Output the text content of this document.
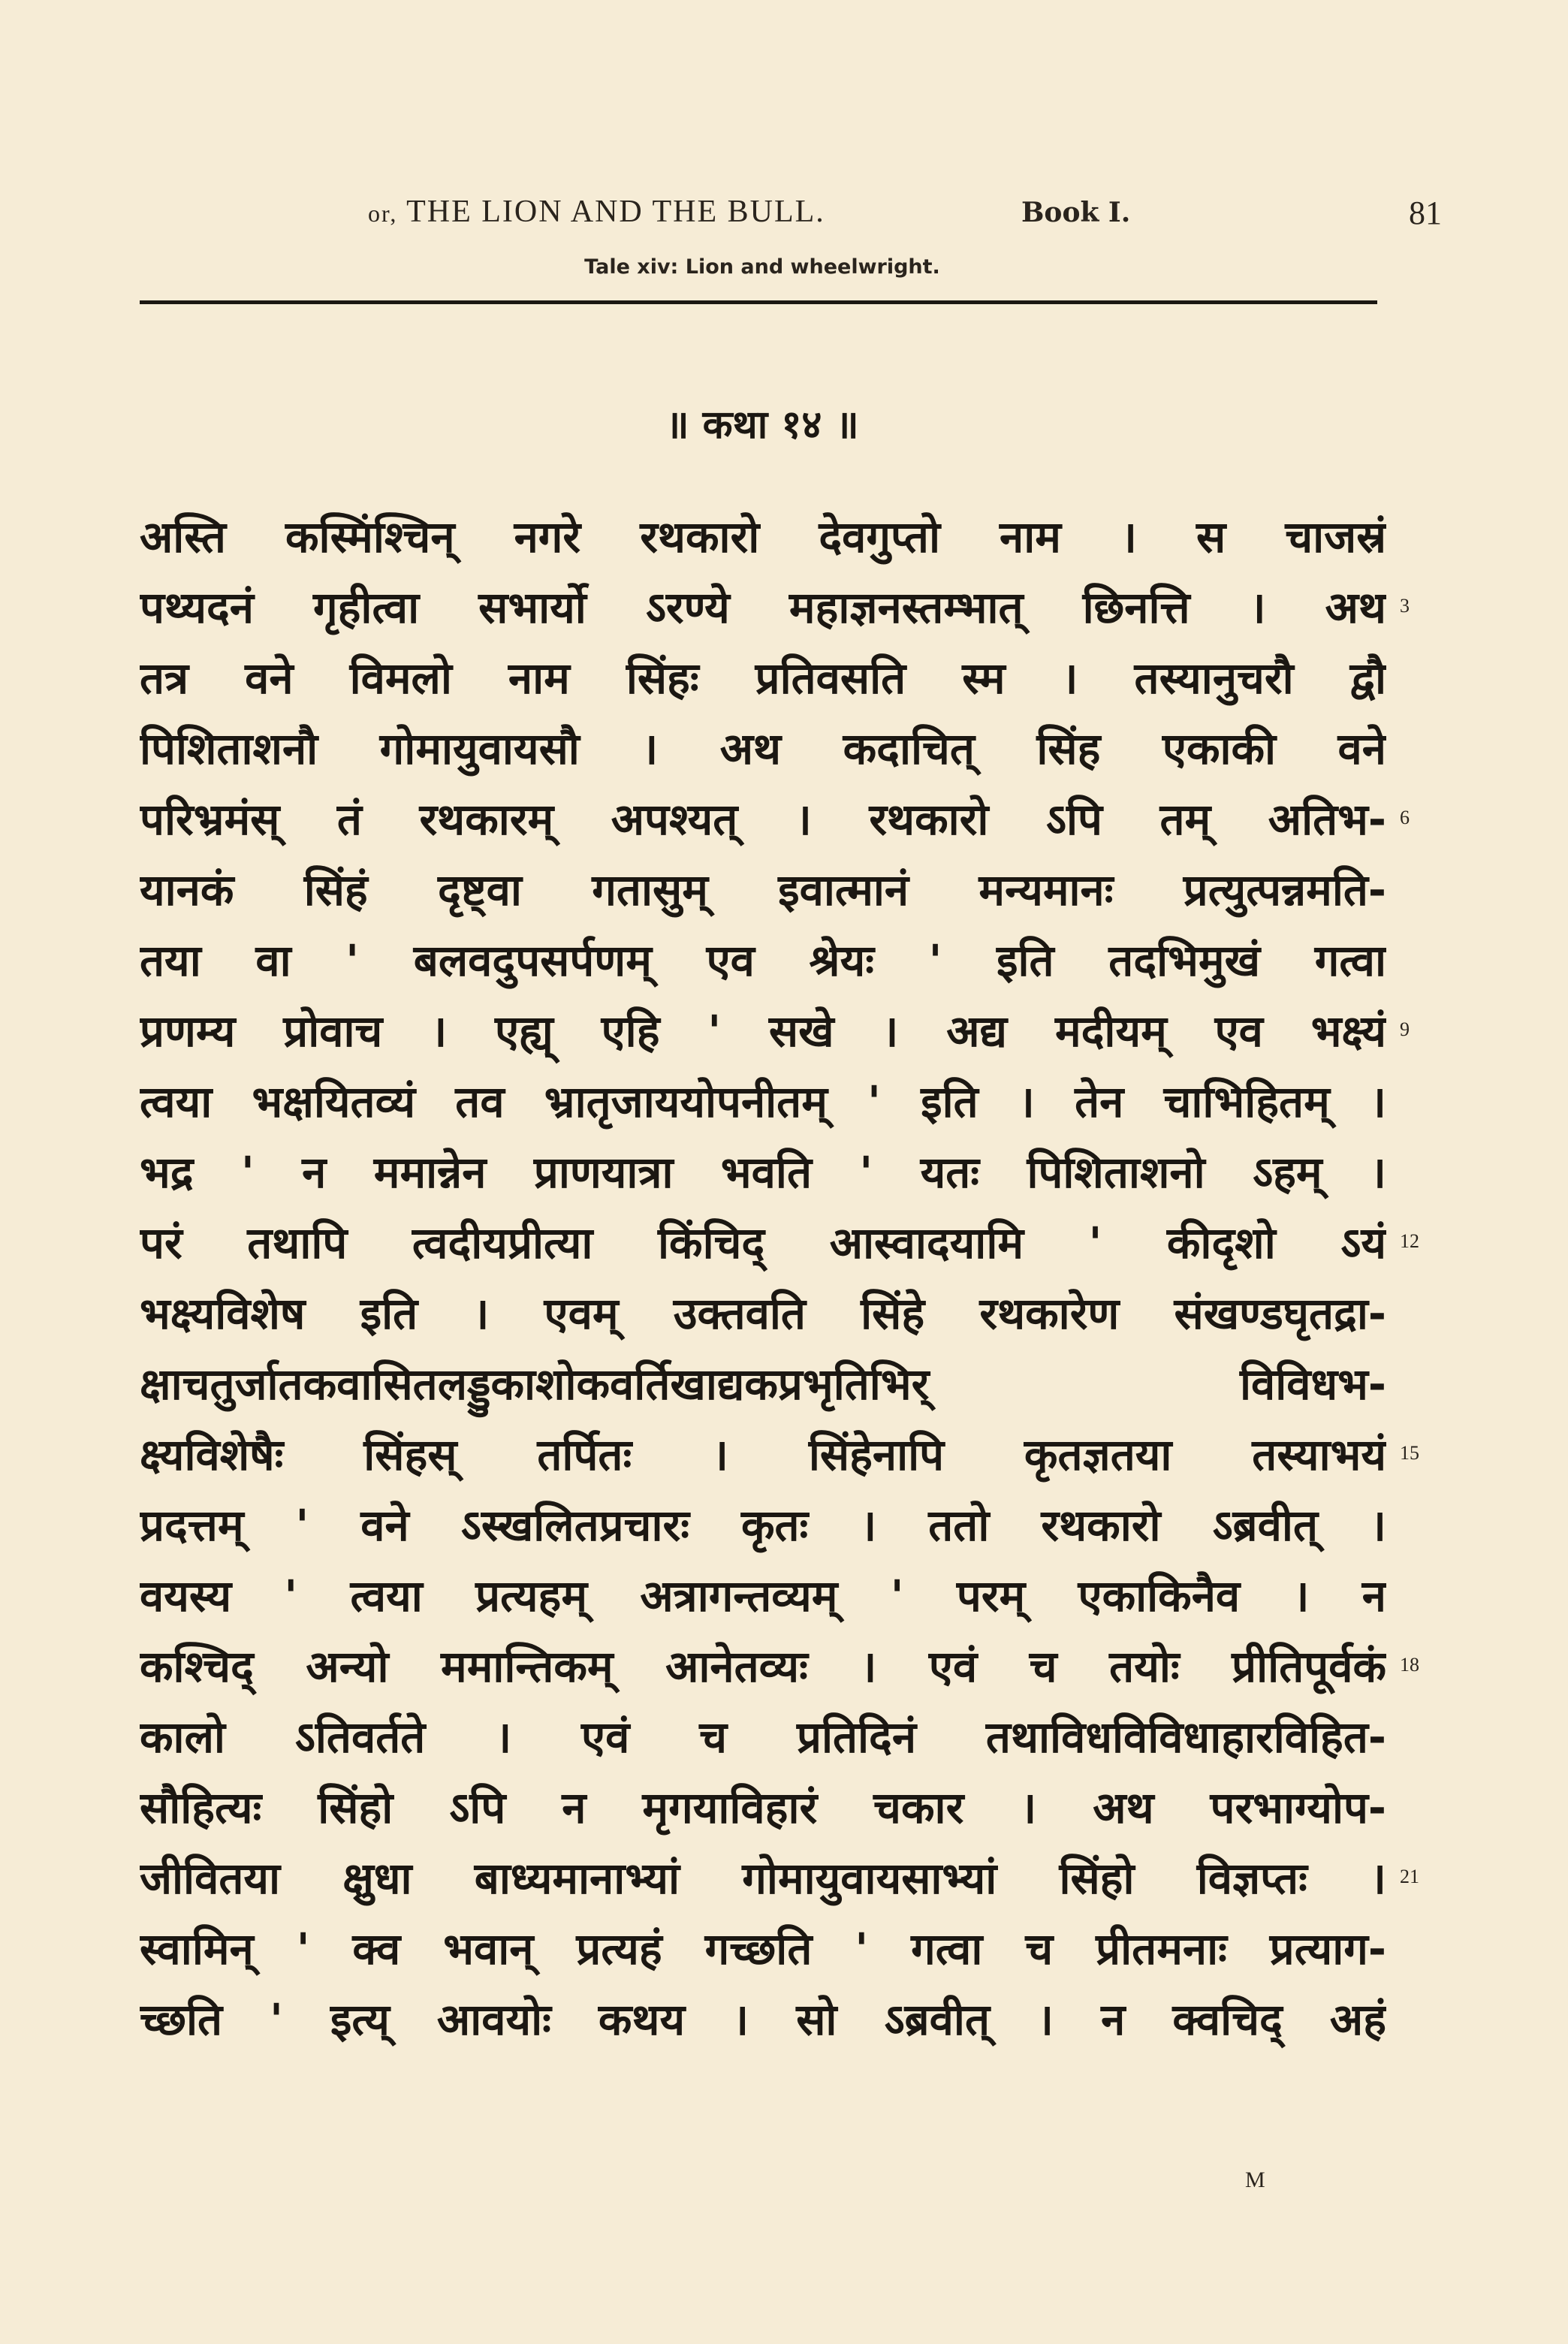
or, THE LION AND THE BULL.	Book I.	81
Tale xiv: Lion and wheelwright.
॥ कथा १४ ॥
अस्ति कस्मिंश्चिन् नगरे रथकारो देवगुप्तो नाम । स चाजस्रं
पथ्यदनं गृहीत्वा सभार्यो ऽरण्ये महाज्ञनस्तम्भात् छिनत्ति । अथ 3
तत्र वने विमलो नाम सिंहः प्रतिवसति स्म । तस्यानुचरौ द्वौ
पिशिताशनौ गोमायुवायसौ । अथ कदाचित् सिंह एकाकी वने
परिभ्रमंस् तं रथकारम् अपश्यत् । रथकारो ऽपि तम् अतिभ- 6
यानकं सिंहं दृष्ट्वा गतासुम् इवात्मानं मन्यमानः प्रत्युत्पन्नमति-
तया वा ' बलवदुपसर्पणम् एव श्रेयः ' इति तदभिमुखं गत्वा
प्रणम्य प्रोवाच । एह्य् एहि ' सखे । अद्य मदीयम् एव भक्ष्यं 9
त्वया भक्षयितव्यं तव भ्रातृजाययोपनीतम् ' इति । तेन चाभिहितम् ।
भद्र ' न ममान्नेन प्राणयात्रा भवति ' यतः पिशिताशनो ऽहम् ।
परं तथापि त्वदीयप्रीत्या किंचिद् आस्वादयामि ' कीदृशो ऽयं 12
भक्ष्यविशेष इति । एवम् उक्तवति सिंहे रथकारेण संखण्डघृतद्रा-
क्षाचतुर्जातकवासितलड्डुकाशोकवर्तिखाद्यकप्रभृतिभिर् विविधभ-
क्ष्यविशेषैः सिंहस् तर्पितः । सिंहेनापि कृतज्ञतया तस्याभयं 15
प्रदत्तम् ' वने ऽस्खलितप्रचारः कृतः । ततो रथकारो ऽब्रवीत् ।
वयस्य ' त्वया प्रत्यहम् अत्रागन्तव्यम् ' परम् एकाकिनैव । न
कश्चिद् अन्यो ममान्तिकम् आनेतव्यः । एवं च तयोः प्रीतिपूर्वकं 18
कालो ऽतिवर्तते । एवं च प्रतिदिनं तथाविधविविधाहारविहित-
सौहित्यः सिंहो ऽपि न मृगयाविहारं चकार । अथ परभाग्योप-
जीवितया क्षुधा बाध्यमानाभ्यां गोमायुवायसाभ्यां सिंहो विज्ञप्तः । 21
स्वामिन् ' क्व भवान् प्रत्यहं गच्छति ' गत्वा च प्रीतमनाः प्रत्याग-
च्छति ' इत्य् आवयोः कथय । सो ऽब्रवीत् । न क्वचिद् अहं
M
